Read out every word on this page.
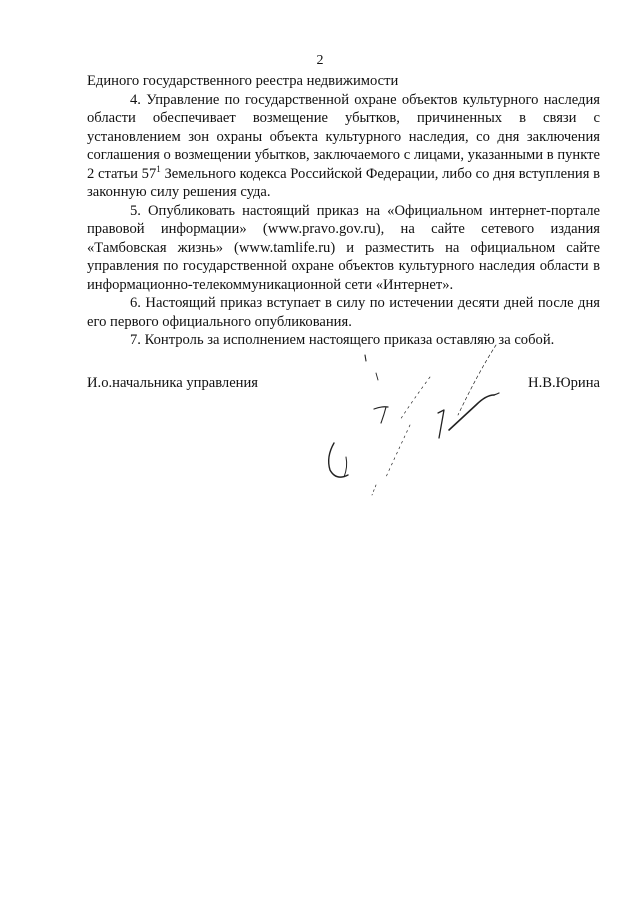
2

Единого государственного реестра недвижимости

4. Управление по государственной охране объектов культурного наследия области обеспечивает возмещение убытков, причиненных в связи с установлением зон охраны объекта культурного наследия, со дня заключения соглашения о возмещении убытков, заключаемого с лицами, указанными в пункте 2 статьи $57^1$ Земельного кодекса Российской Федерации, либо со дня вступления в законную силу решения суда.

5. Опубликовать настоящий приказ на «Официальном интернет-портале правовой информации» (www.pravo.gov.ru), на сайте сетевого издания «Тамбовская жизнь» (www.tamlife.ru) и разместить на официальном сайте управления по государственной охране объектов культурного наследия области в информационно-телекоммуникационной сети «Интернет».

6. Настоящий приказ вступает в силу по истечении десяти дней после дня его первого официального опубликования.

7. Контроль за исполнением настоящего приказа оставляю за собой.

И.о.начальника управления	Н.В.Юрина
